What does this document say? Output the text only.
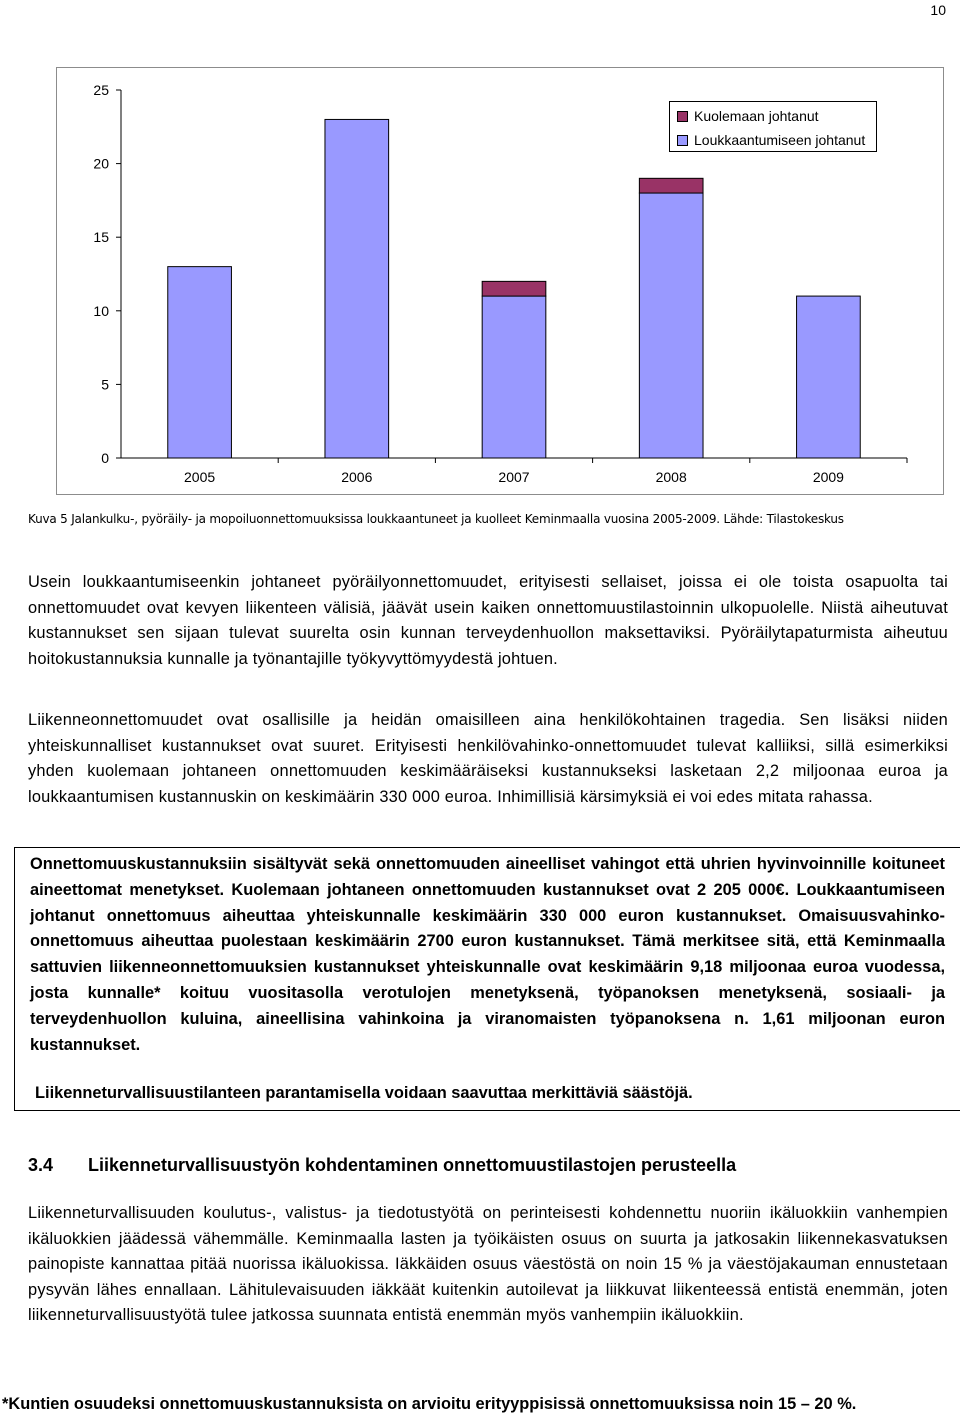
10
0
5
10
15
20
25
2005	2006	2007	2008	2009
Kuolemaan johtanut
Loukkaantumiseen johtanut
Kuva 5 Jalankulku-, pyöräily- ja mopoiluonnettomuuksissa loukkaantuneet ja kuolleet Keminmaalla vuosina 2005-2009. Lähde: Tilastokeskus

Usein loukkaantumiseenkin johtaneet pyöräilyonnettomuudet, erityisesti sellaiset, joissa ei ole toista osapuolta tai onnettomuudet ovat kevyen liikenteen välisiä, jäävät usein kaiken onnettomuustilastoinnin ulkopuolelle. Niistä aiheutuvat kustannukset sen sijaan tulevat suurelta osin kunnan terveydenhuollon maksettaviksi. Pyöräilytapaturmista aiheutuu hoitokustannuksia kunnalle ja työnantajille työkyvyttömyydestä johtuen.

Liikenneonnettomuudet ovat osallisille ja heidän omaisilleen aina henkilökohtainen tragedia. Sen lisäksi niiden yhteiskunnalliset kustannukset ovat suuret. Erityisesti henkilövahinko-onnettomuudet tulevat kalliiksi, sillä esimerkiksi yhden kuolemaan johtaneen onnettomuuden keskimääräiseksi kustannukseksi lasketaan 2,2 miljoonaa euroa ja loukkaantumisen kustannuskin on keskimäärin 330 000 euroa. Inhimillisiä kärsimyksiä ei voi edes mitata rahassa.

Onnettomuuskustannuksiin sisältyvät sekä onnettomuuden aineelliset vahingot että uhrien hyvinvoinnille koituneet aineettomat menetykset. Kuolemaan johtaneen onnettomuuden kustannukset ovat 2 205 000€. Loukkaantumiseen johtanut onnettomuus aiheuttaa yhteiskunnalle keskimäärin 330 000 euron kustannukset. Omaisuusvahinko-onnettomuus aiheuttaa puolestaan keskimäärin 2700 euron kustannukset. Tämä merkitsee sitä, että Keminmaalla sattuvien liikenneonnettomuuksien kustannukset yhteiskunnalle ovat keskimäärin 9,18 miljoonaa euroa vuodessa, josta kunnalle* koituu vuositasolla verotulojen menetyksenä, työpanoksen menetyksenä, sosiaali- ja terveydenhuollon kuluina, aineellisina vahinkoina ja viranomaisten työpanoksena n. 1,61 miljoonan euron kustannukset.
Liikenneturvallisuustilanteen parantamisella voidaan saavuttaa merkittäviä säästöjä.
3.4 Liikenneturvallisuustyön kohdentaminen onnettomuustilastojen perusteella

Liikenneturvallisuuden koulutus-, valistus- ja tiedotustyötä on perinteisesti kohdennettu nuoriin ikäluokkiin vanhempien ikäluokkien jäädessä vähemmälle. Keminmaalla lasten ja työikäisten osuus on suurta ja jatkosakin liikennekasvatuksen painopiste kannattaa pitää nuorissa ikäluokissa. Iäkkäiden osuus väestöstä on noin 15 % ja väestöjakauman ennustetaan pysyvän lähes ennallaan. Lähitulevaisuuden iäkkäät kuitenkin autoilevat ja liikkuvat liikenteessä entistä enemmän, joten liikenneturvallisuustyötä tulee jatkossa suunnata entistä enemmän myös vanhempiin ikäluokkiin.

*Kuntien osuudeksi onnettomuuskustannuksista on arvioitu erityyppisissä onnettomuuksissa noin 15 – 20 %.
